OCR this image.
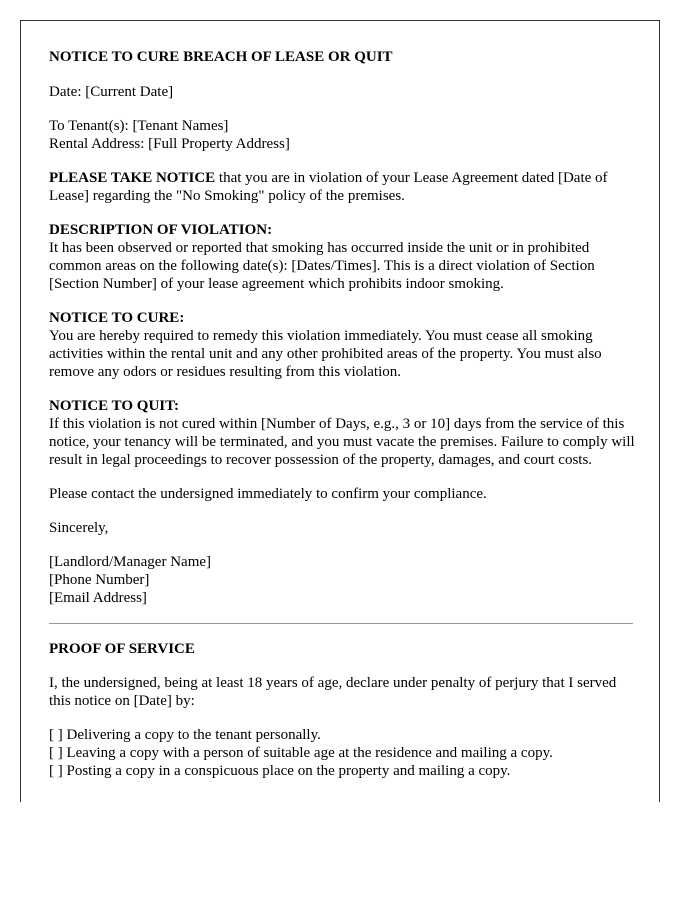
NOTICE TO CURE BREACH OF LEASE OR QUIT

Date: [Current Date]

To Tenant(s): [Tenant Names]
Rental Address: [Full Property Address]

PLEASE TAKE NOTICE that you are in violation of your Lease Agreement dated [Date of Lease] regarding the "No Smoking" policy of the premises.

DESCRIPTION OF VIOLATION:
It has been observed or reported that smoking has occurred inside the unit or in prohibited common areas on the following date(s): [Dates/Times]. This is a direct violation of Section [Section Number] of your lease agreement which prohibits indoor smoking.

NOTICE TO CURE:
You are hereby required to remedy this violation immediately. You must cease all smoking activities within the rental unit and any other prohibited areas of the property. You must also remove any odors or residues resulting from this violation.

NOTICE TO QUIT:
If this violation is not cured within [Number of Days, e.g., 3 or 10] days from the service of this notice, your tenancy will be terminated, and you must vacate the premises. Failure to comply will result in legal proceedings to recover possession of the property, damages, and court costs.

Please contact the undersigned immediately to confirm your compliance.

Sincerely,

[Landlord/Manager Name]
[Phone Number]
[Email Address]

PROOF OF SERVICE

I, the undersigned, being at least 18 years of age, declare under penalty of perjury that I served this notice on [Date] by:

[ ] Delivering a copy to the tenant personally.
[ ] Leaving a copy with a person of suitable age at the residence and mailing a copy.
[ ] Posting a copy in a conspicuous place on the property and mailing a copy.
